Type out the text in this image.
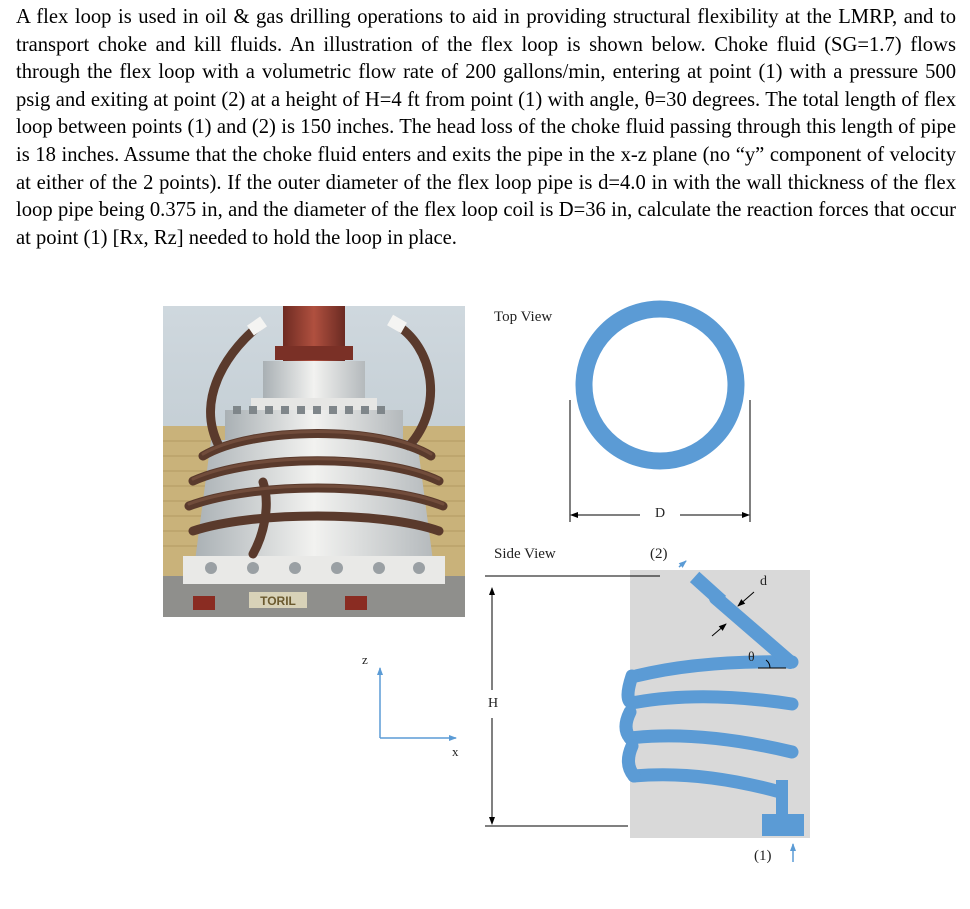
A flex loop is used in oil & gas drilling operations to aid in providing structural flexibility at the LMRP, and to transport choke and kill fluids. An illustration of the flex loop is shown below. Choke fluid (SG=1.7) flows through the flex loop with a volumetric flow rate of 200 gallons/min, entering at point (1) with a pressure 500 psig and exiting at point (2) at a height of H=4 ft from point (1) with angle, θ=30 degrees. The total length of flex loop between points (1) and (2) is 150 inches. The head loss of the choke fluid passing through this length of pipe is 18 inches. Assume that the choke fluid enters and exits the pipe in the x-z plane (no “y” component of velocity at either of the 2 points). If the outer diameter of the flex loop pipe is d=4.0 in with the wall thickness of the flex loop pipe being 0.375 in, and the diameter of the flex loop coil is D=36 in, calculate the reaction forces that occur at point (1) [Rx, Rz] needed to hold the loop in place.

TORIL
Top View
Side View
D
H
d
θ
(2)
(1)
z
x
